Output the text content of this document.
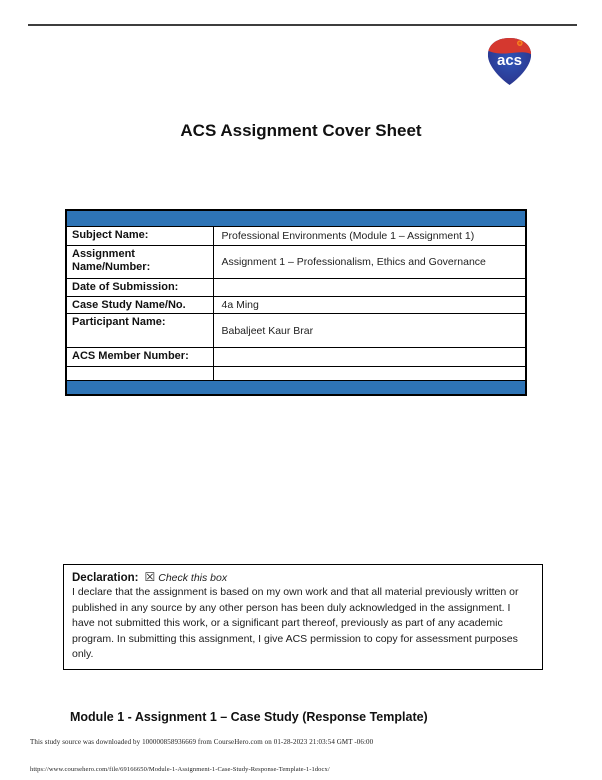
acs
ACS Assignment Cover Sheet

Subject Name:	Professional Environments (Module 1 – Assignment 1)
Assignment Name/Number:	Assignment 1 – Professionalism, Ethics and Governance
Date of Submission:	
Case Study Name/No.	4a Ming
Participant Name:	Babaljeet Kaur Brar
ACS Member Number:	

Declaration: ☒ Check this box
I declare that the assignment is based on my own work and that all material previously written or published in any source by any other person has been duly acknowledged in the assignment. I have not submitted this work, or a significant part thereof, previously as part of any academic program. In submitting this assignment, I give ACS permission to copy for assessment purposes only.
Module 1 - Assignment 1 – Case Study (Response Template)
This study source was downloaded by 100000858936669 from CourseHero.com on 01-28-2023 21:03:54 GMT -06:00
https://www.coursehero.com/file/69166650/Module-1-Assignment-1-Case-Study-Response-Template-1-1docx/
